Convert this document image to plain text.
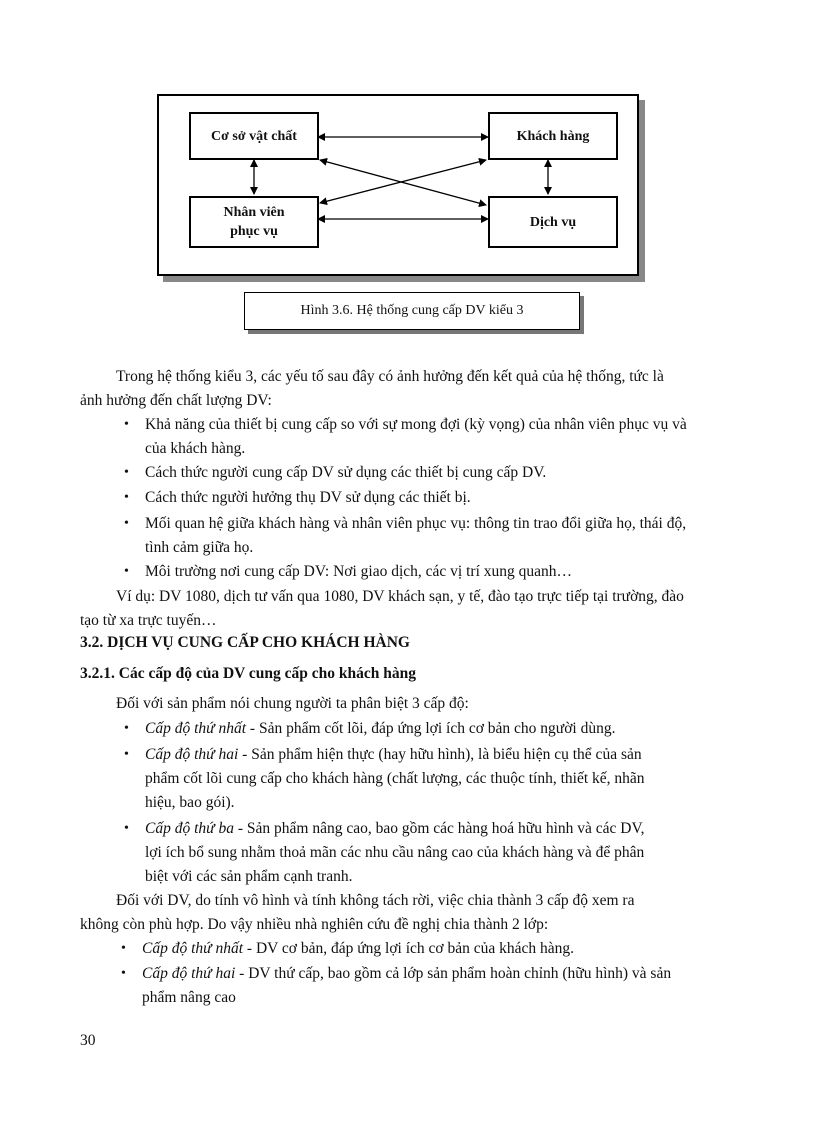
Cơ sở vật chất	Khách hàng
Nhân viên
phục vụ
Dịch vụ
Hình 3.6. Hệ thống cung cấp DV kiểu 3
Trong hệ thống kiểu 3, các yếu tố sau đây có ảnh hưởng đến kết quả của hệ thống, tức là
ảnh hưởng đến chất lượng DV:
• Khả năng của thiết bị cung cấp so với sự mong đợi (kỳ vọng) của nhân viên phục vụ và
của khách hàng.
• Cách thức người cung cấp DV sử dụng các thiết bị cung cấp DV.
• Cách thức người hưởng thụ DV sử dụng các thiết bị.
• Mối quan hệ giữa khách hàng và nhân viên phục vụ: thông tin trao đổi giữa họ, thái độ,
tình cảm giữa họ.
• Môi trường nơi cung cấp DV: Nơi giao dịch, các vị trí xung quanh…
Ví dụ: DV 1080, dịch tư vấn qua 1080, DV khách sạn, y tế, đào tạo trực tiếp tại trường, đào
tạo từ xa trực tuyến…
3.2. DỊCH VỤ CUNG CẤP CHO KHÁCH HÀNG
3.2.1. Các cấp độ của DV cung cấp cho khách hàng
Đối với sản phẩm nói chung người ta phân biệt 3 cấp độ:
• Cấp độ thứ nhất - Sản phẩm cốt lõi, đáp ứng lợi ích cơ bản cho người dùng.
• Cấp độ thứ hai - Sản phẩm hiện thực (hay hữu hình), là biểu hiện cụ thể của sản
phẩm cốt lõi cung cấp cho khách hàng (chất lượng, các thuộc tính, thiết kế, nhãn
hiệu, bao gói).
• Cấp độ thứ ba - Sản phẩm nâng cao, bao gồm các hàng hoá hữu hình và các DV,
lợi ích bổ sung nhằm thoả mãn các nhu cầu nâng cao của khách hàng và để phân
biệt với các sản phẩm cạnh tranh.
Đối với DV, do tính vô hình và tính không tách rời, việc chia thành 3 cấp độ xem ra
không còn phù hợp. Do vậy nhiều nhà nghiên cứu đề nghị chia thành 2 lớp:
• Cấp độ thứ nhất - DV cơ bản, đáp ứng lợi ích cơ bản của khách hàng.
• Cấp độ thứ hai - DV thứ cấp, bao gồm cả lớp sản phẩm hoàn chỉnh (hữu hình) và sản
phẩm nâng cao
30
